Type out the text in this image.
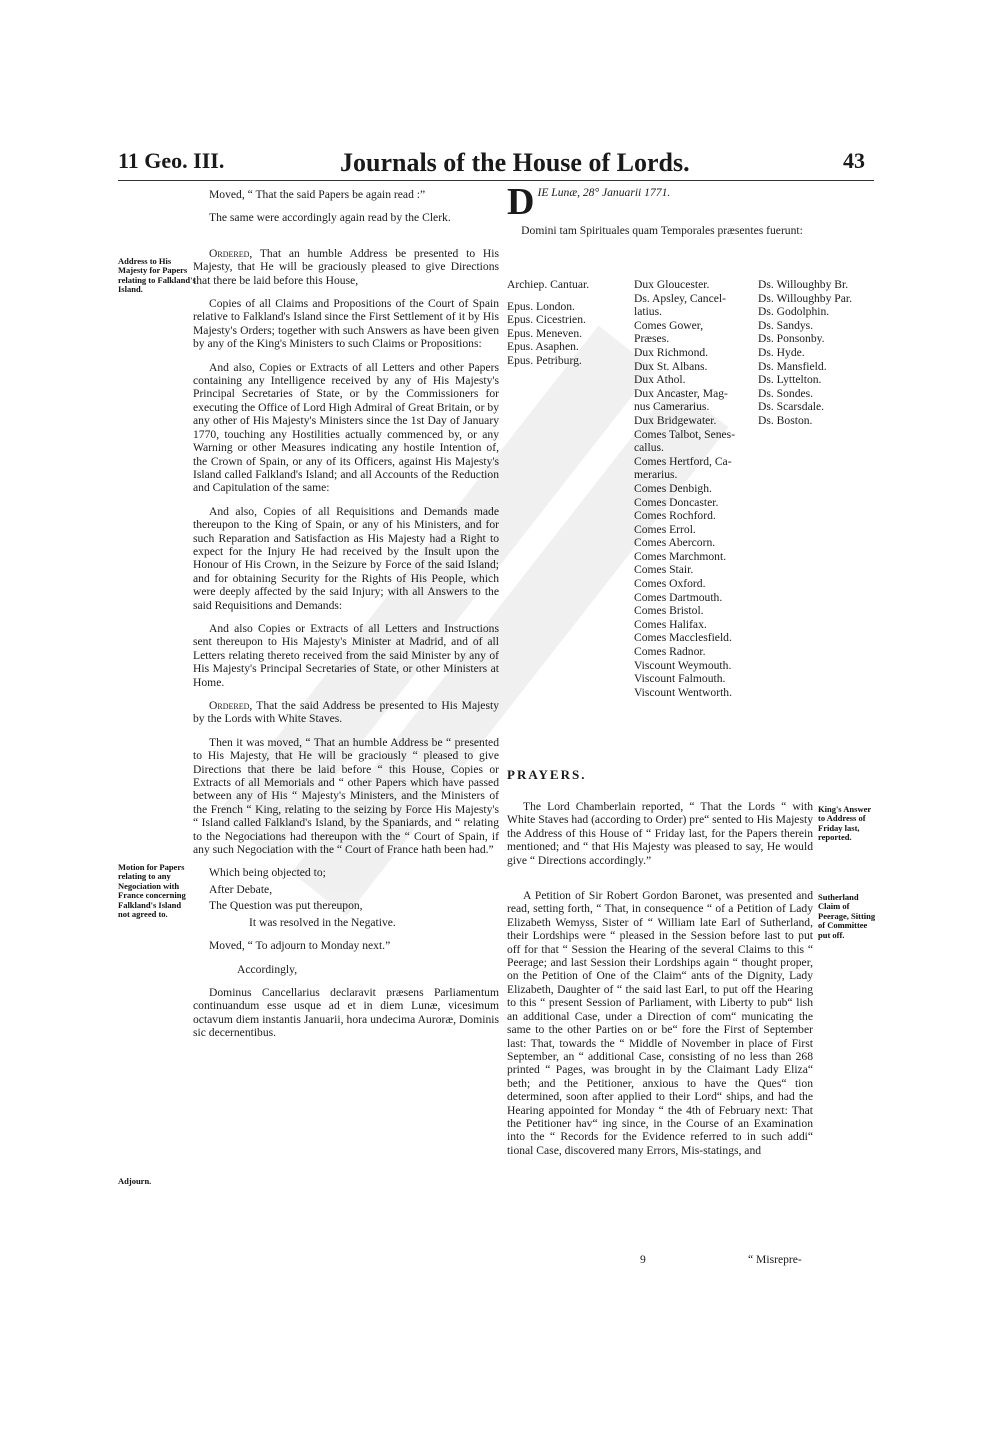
11 Geo. III.	Journals of the House of Lords.	43
Address to His Majesty for Papers relating to Falkland's Island.
Motion for Papers relating to any Negociation with France concerning Falkland's Island not agreed to.
Adjourn.
King's Answer to Address of Friday last, reported.
Sutherland Claim of Peerage, Sitting of Committee put off.

Moved, “ That the said Papers be again read :”

The same were accordingly again read by the Clerk.

Ordered, That an humble Address be presented to His Majesty, that He will be graciously pleased to give Directions that there be laid before this House,

Copies of all Claims and Propositions of the Court of Spain relative to Falkland's Island since the First Settlement of it by His Majesty's Orders; together with such Answers as have been given by any of the King's Ministers to such Claims or Propositions:

And also, Copies or Extracts of all Letters and other Papers containing any Intelligence received by any of His Majesty's Principal Secretaries of State, or by the Commissioners for executing the Office of Lord High Admiral of Great Britain, or by any other of His Majesty's Ministers since the 1st Day of January 1770, touching any Hostilities actually commenced by, or any Warning or other Measures indicating any hostile Intention of, the Crown of Spain, or any of its Officers, against His Majesty's Island called Falkland's Island; and all Accounts of the Reduction and Capitulation of the same:

And also, Copies of all Requisitions and Demands made thereupon to the King of Spain, or any of his Ministers, and for such Reparation and Satisfaction as His Majesty had a Right to expect for the Injury He had received by the Insult upon the Honour of His Crown, in the Seizure by Force of the said Island; and for obtaining Security for the Rights of His People, which were deeply affected by the said Injury; with all Answers to the said Requisitions and Demands:

And also Copies or Extracts of all Letters and Instructions sent thereupon to His Majesty's Minister at Madrid, and of all Letters relating thereto received from the said Minister by any of His Majesty's Principal Secretaries of State, or other Ministers at Home.

Ordered, That the said Address be presented to His Majesty by the Lords with White Staves.

Then it was moved, “ That an humble Address be “ presented to His Majesty, that He will be graciously “ pleased to give Directions that there be laid before “ this House, Copies or Extracts of all Memorials and “ other Papers which have passed between any of His “ Majesty's Ministers, and the Ministers of the French “ King, relating to the seizing by Force His Majesty's “ Island called Falkland's Island, by the Spaniards, and “ relating to the Negociations had thereupon with the “ Court of Spain, if any such Negociation with the “ Court of France hath been had.”

Which being objected to;

After Debate,

The Question was put thereupon,

It was resolved in the Negative.

Moved, “ To adjourn to Monday next.”

Accordingly,

Dominus Cancellarius declaravit præsens Parliamentum continuandum esse usque ad et in diem Lunæ, vicesimum octavum diem instantis Januarii, hora undecima Auroræ, Dominis sic decernentibus.

DIE Lunæ, 28° Januarii 1771.
Domini tam Spirituales quam Temporales præsentes fuerunt:
Archiep. Cantuar.
Epus. London.
Epus. Cicestrien.
Epus. Meneven.
Epus. Asaphen.
Epus. Petriburg.
Dux Gloucester.
Ds. Apsley, Cancel-
latius.
Comes Gower,
Præses.
Dux Richmond.
Dux St. Albans.
Dux Athol.
Dux Ancaster, Mag-
nus Camerarius.
Dux Bridgewater.
Comes Talbot, Senes-
callus.
Comes Hertford, Ca-
merarius.
Comes Denbigh.
Comes Doncaster.
Comes Rochford.
Comes Errol.
Comes Abercorn.
Comes Marchmont.
Comes Stair.
Comes Oxford.
Comes Dartmouth.
Comes Bristol.
Comes Halifax.
Comes Macclesfield.
Comes Radnor.
Viscount Weymouth.
Viscount Falmouth.
Viscount Wentworth.
Ds. Willoughby Br.
Ds. Willoughby Par.
Ds. Godolphin.
Ds. Sandys.
Ds. Ponsonby.
Ds. Hyde.
Ds. Mansfield.
Ds. Lyttelton.
Ds. Sondes.
Ds. Scarsdale.
Ds. Boston.
PRAYERS.

The Lord Chamberlain reported, “ That the Lords “ with White Staves had (according to Order) pre“ sented to His Majesty the Address of this House of “ Friday last, for the Papers therein mentioned; and “ that His Majesty was pleased to say, He would give “ Directions accordingly.”

A Petition of Sir Robert Gordon Baronet, was presented and read, setting forth, “ That, in consequence “ of a Petition of Lady Elizabeth Wemyss, Sister of “ William late Earl of Sutherland, their Lordships were “ pleased in the Session before last to put off for that “ Session the Hearing of the several Claims to this “ Peerage; and last Session their Lordships again “ thought proper, on the Petition of One of the Claim“ ants of the Dignity, Lady Elizabeth, Daughter of “ the said last Earl, to put off the Hearing to this “ present Session of Parliament, with Liberty to pub“ lish an additional Case, under a Direction of com“ municating the same to the other Parties on or be“ fore the First of September last: That, towards the “ Middle of November in place of First September, an “ additional Case, consisting of no less than 268 printed “ Pages, was brought in by the Claimant Lady Eliza“ beth; and the Petitioner, anxious to have the Ques“ tion determined, soon after applied to their Lord“ ships, and had the Hearing appointed for Monday “ the 4th of February next: That the Petitioner hav“ ing since, in the Course of an Examination into the “ Records for the Evidence referred to in such addi“ tional Case, discovered many Errors, Mis-statings, and

9	“ Misrepre-
